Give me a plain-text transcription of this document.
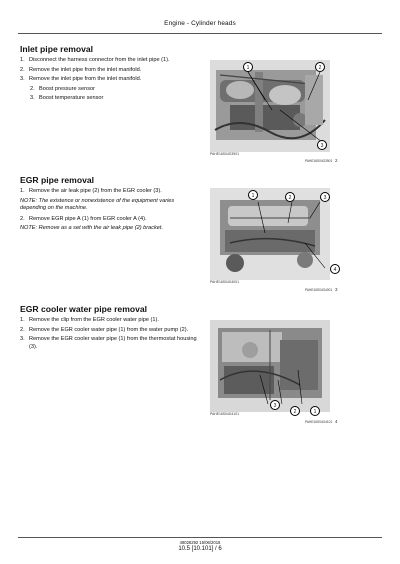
Engine - Cylinder heads
Inlet pipe removal
1. Disconnect the harness connector from the inlet pipe (1).
2. Remove the inlet pipe from the inlet manifold.
3. Remove the inlet pipe from the inlet manifold.
2. Boost pressure sensor
3. Boost temperature sensor
1	2
3
PAHE16S04G3901
PAHE16S04G3901 2
EGR pipe removal
1. Remove the air leak pipe (2) from the EGR cooler (3).
NOTE: The existence or nonexistence of the equipment varies depending on the machine.
2. Remove EGR pipe A (1) from EGR cooler A (4).
NOTE: Remove as a set with the air leak pipe (2) bracket.
1	2	3
4
PAHE16S04G4001
PAHE16S04G4001 3
EGR cooler water pipe removal
1. Remove the clip from the EGR cooler water pipe (1).
2. Remove the EGR cooler water pipe (1) from the water pump (2).
3. Remove the EGR cooler water pipe (1) from the thermostat housing (3).
3
2	1
PAHE16S04G4101
PAHE16S04G4101 4
48026292 15/06/2016
10.5 [10.101] / 6
